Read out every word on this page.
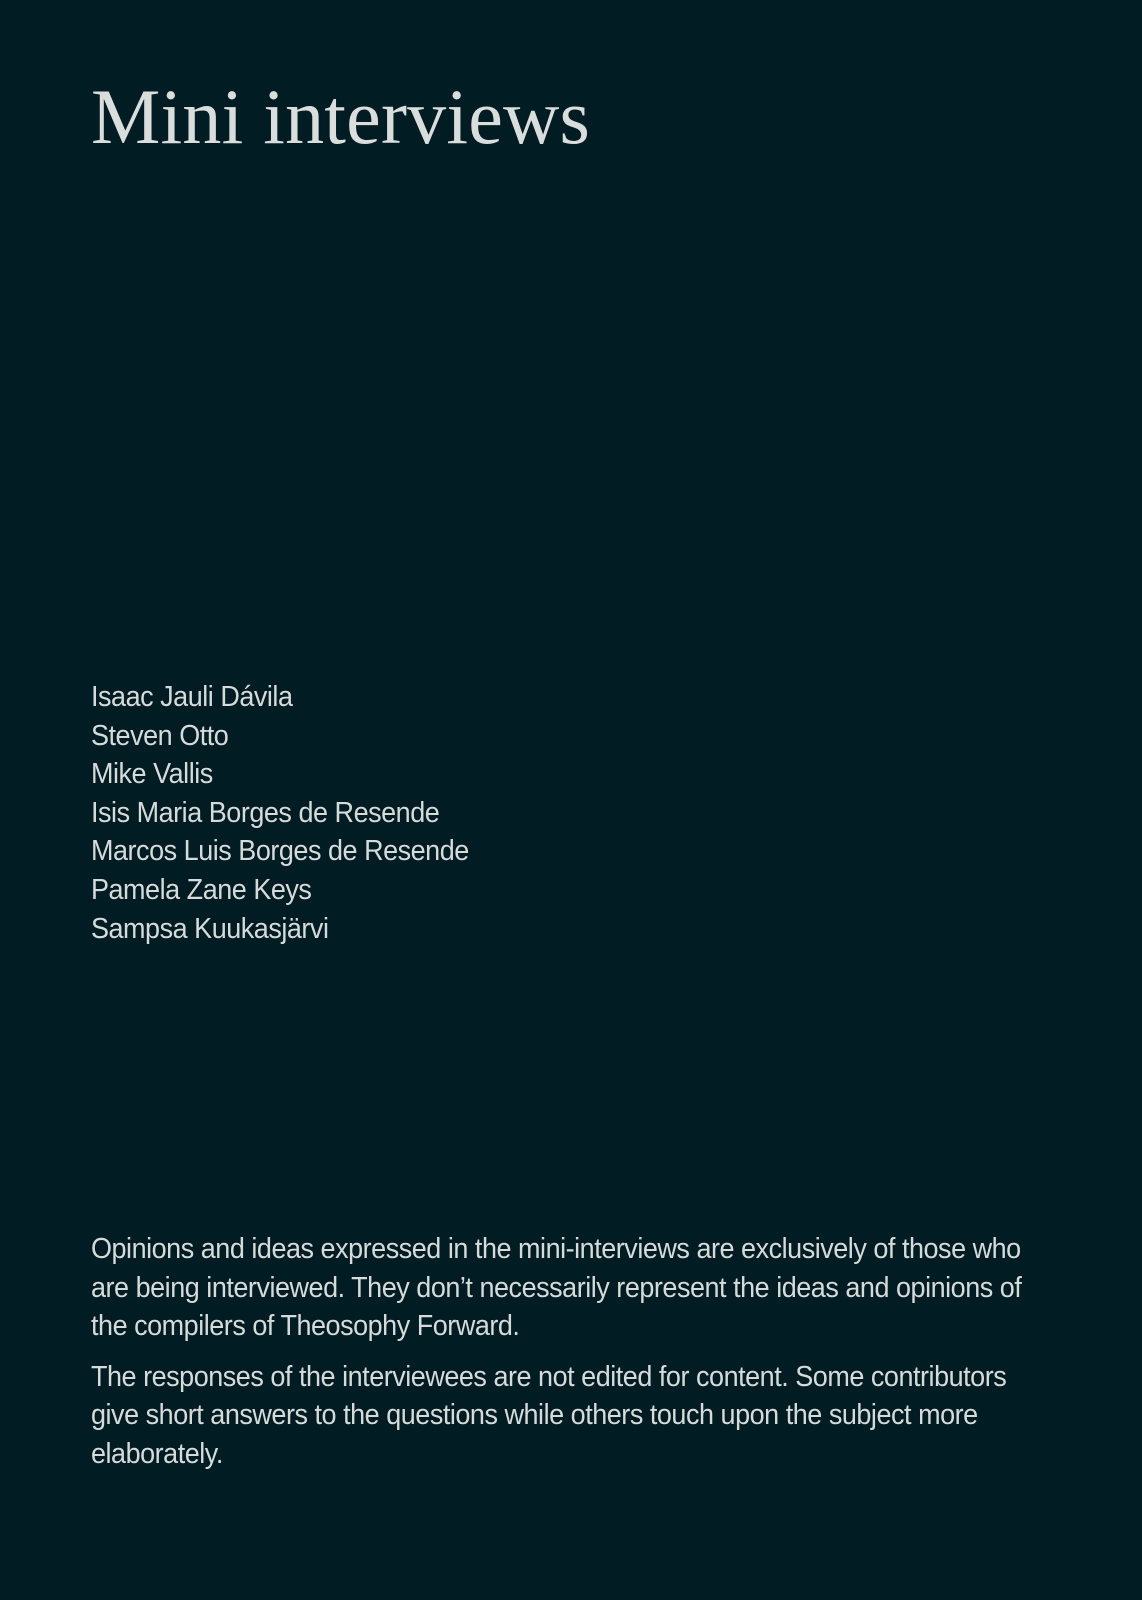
Mini interviews
Isaac Jauli Dávila
Steven Otto
Mike Vallis
Isis Maria Borges de Resende
Marcos Luis Borges de Resende
Pamela Zane Keys
Sampsa Kuukasjärvi

Opinions and ideas expressed in the mini-interviews are exclusively of those who are being interviewed. They don’t necessarily represent the ideas and opinions of the compilers of Theosophy Forward.

The responses of the interviewees are not edited for content. Some contributors give short answers to the questions while others touch upon the subject more elaborately.
